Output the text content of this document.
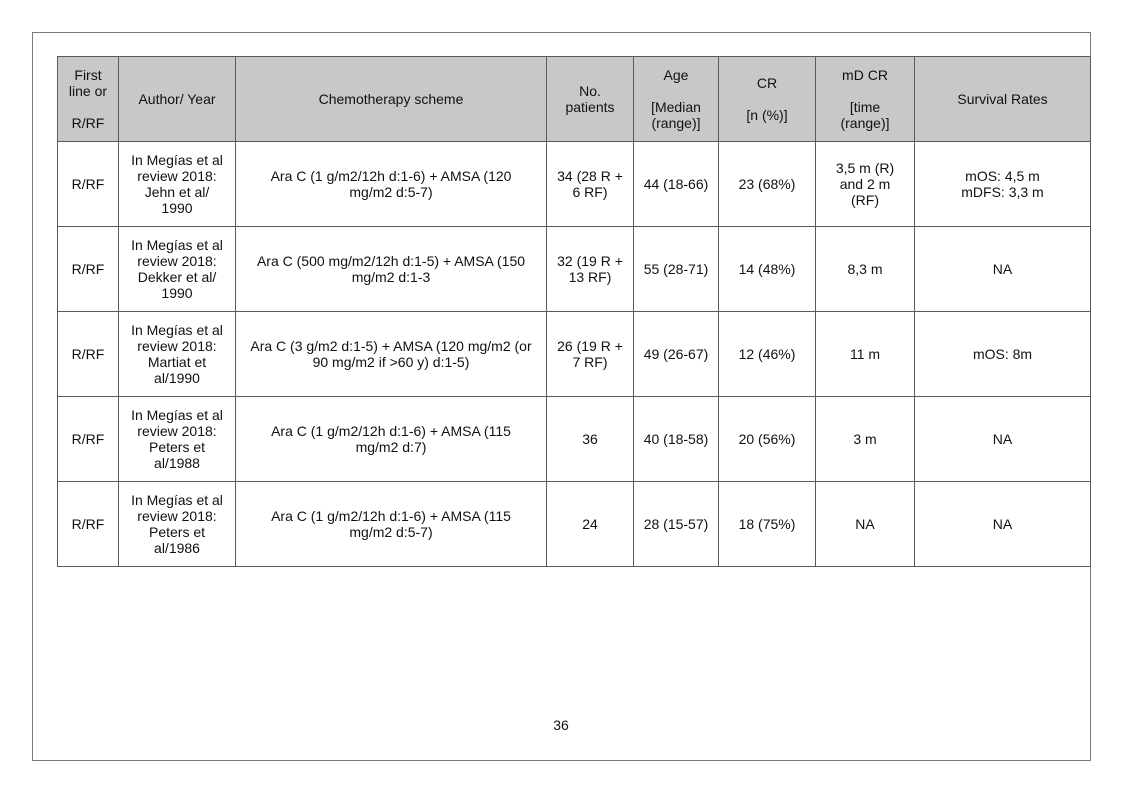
First
line or
R/RF	Author/ Year	Chemotherapy scheme	No.
patients	Age
[Median
(range)]	CR
[n (%)]	mD CR
[time
(range)]	Survival Rates

R/RF	In Megías et al
review 2018:
Jehn et al/
1990	Ara C (1 g/m2/12h d:1-6) + AMSA (120
mg/m2 d:5-7)	34 (28 R +
6 RF)	44 (18-66)	23 (68%)	3,5 m (R)
and 2 m
(RF)	mOS: 4,5 m
mDFS: 3,3 m

R/RF	In Megías et al
review 2018:
Dekker et al/
1990	Ara C (500 mg/m2/12h d:1-5) + AMSA (150
mg/m2 d:1-3	32 (19 R +
13 RF)	55 (28-71)	14 (48%)	8,3 m	NA

R/RF	In Megías et al
review 2018:
Martiat et
al/1990	Ara C (3 g/m2 d:1-5) + AMSA (120 mg/m2 (or
90 mg/m2 if >60 y) d:1-5)	26 (19 R +
7 RF)	49 (26-67)	12 (46%)	11 m	mOS: 8m

R/RF	In Megías et al
review 2018:
Peters et
al/1988	Ara C (1 g/m2/12h d:1-6) + AMSA (115
mg/m2 d:7)	36	40 (18-58)	20 (56%)	3 m	NA

R/RF	In Megías et al
review 2018:
Peters et
al/1986	Ara C (1 g/m2/12h d:1-6) + AMSA (115
mg/m2 d:5-7)	24	28 (15-57)	18 (75%)	NA	NA
36
